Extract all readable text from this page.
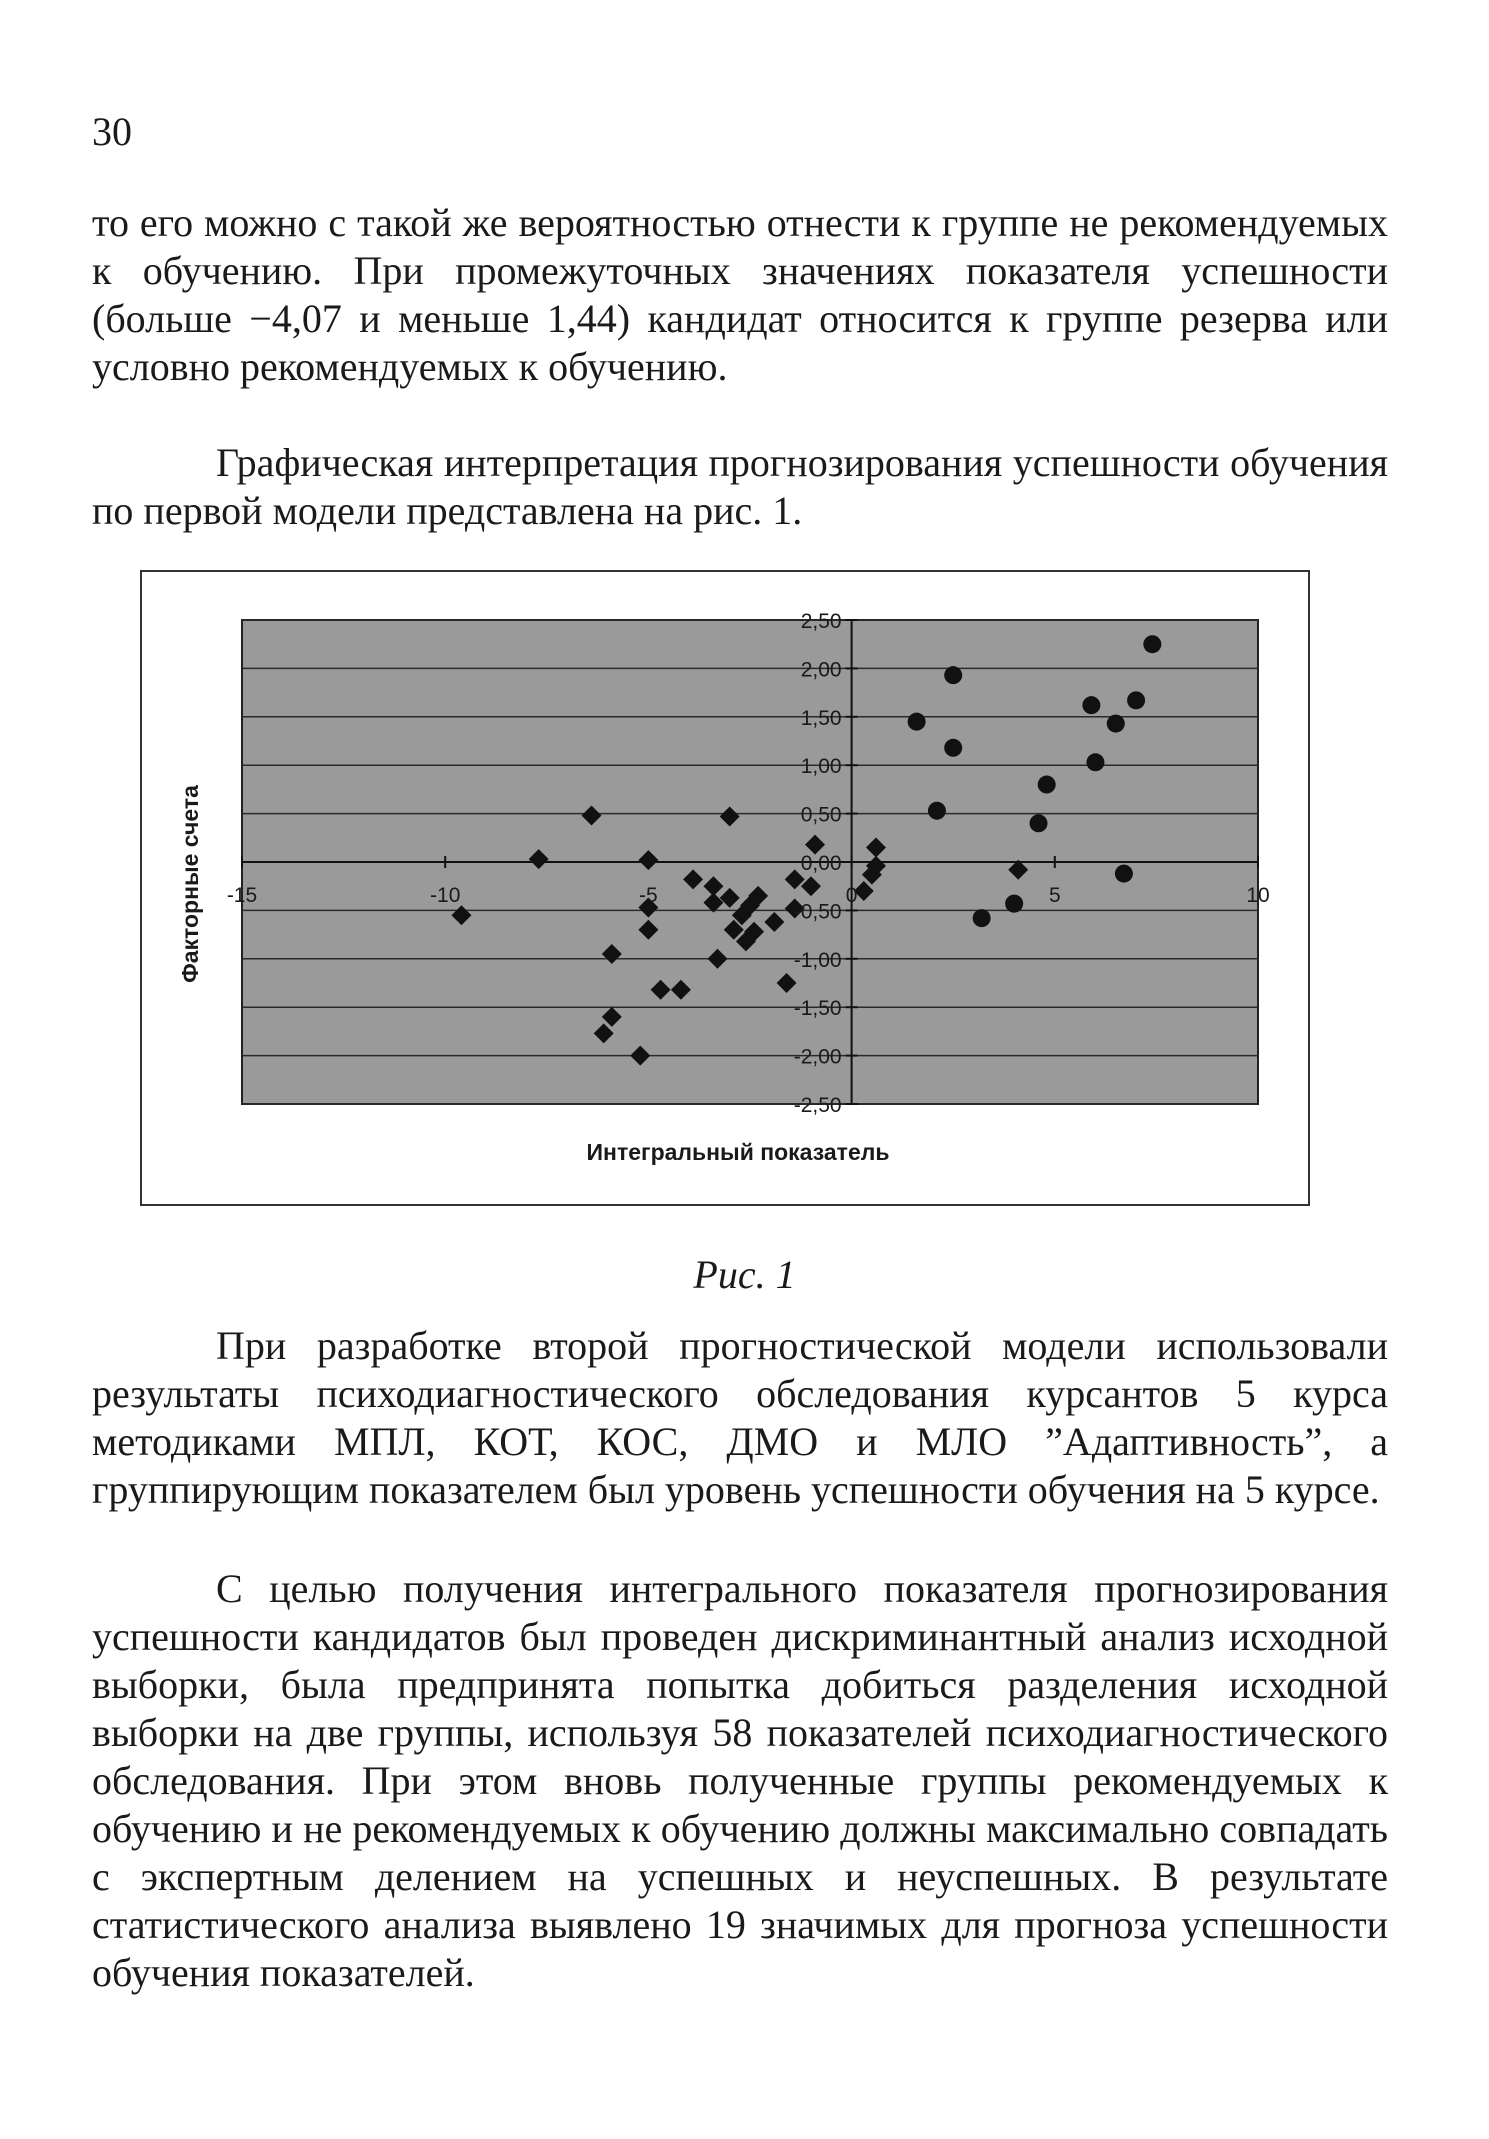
30

то его можно с такой же вероятностью отнести к группе не рекомендуемых к обучению. При промежуточных значениях показателя успешности (больше −4,07 и меньше 1,44) кандидат относится к группе резерва или условно рекомендуемых к обучению.

Графическая интерпретация прогнозирования успешности обучения по первой модели представлена на рис. 1.

2,50
2,00
1,50
1,00
0,50
0,00
-0,50
-1,00
-1,50
-2,00
-2,50
-15	-10	-5	0	5	10
Интегральный показатель
Факторные счета
Рис. 1

При разработке второй прогностической модели использовали результаты психодиагностического обследования курсантов 5 курса методиками МПЛ, КОТ, КОС, ДМО и МЛО ”Адаптивность”, а группирующим показателем был уровень успешности обучения на 5 курсе.

С целью получения интегрального показателя прогнозирования успешности кандидатов был проведен дискриминантный анализ исходной выборки, была предпринята попытка добиться разделения исходной выборки на две группы, используя 58 показателей психодиагностического обследования. При этом вновь полученные группы рекомендуемых к обучению и не рекомендуемых к обучению должны максимально совпадать с экспертным делением на успешных и неуспешных. В результате статистического анализа выявлено 19 значимых для прогноза успешности обучения показателей.
